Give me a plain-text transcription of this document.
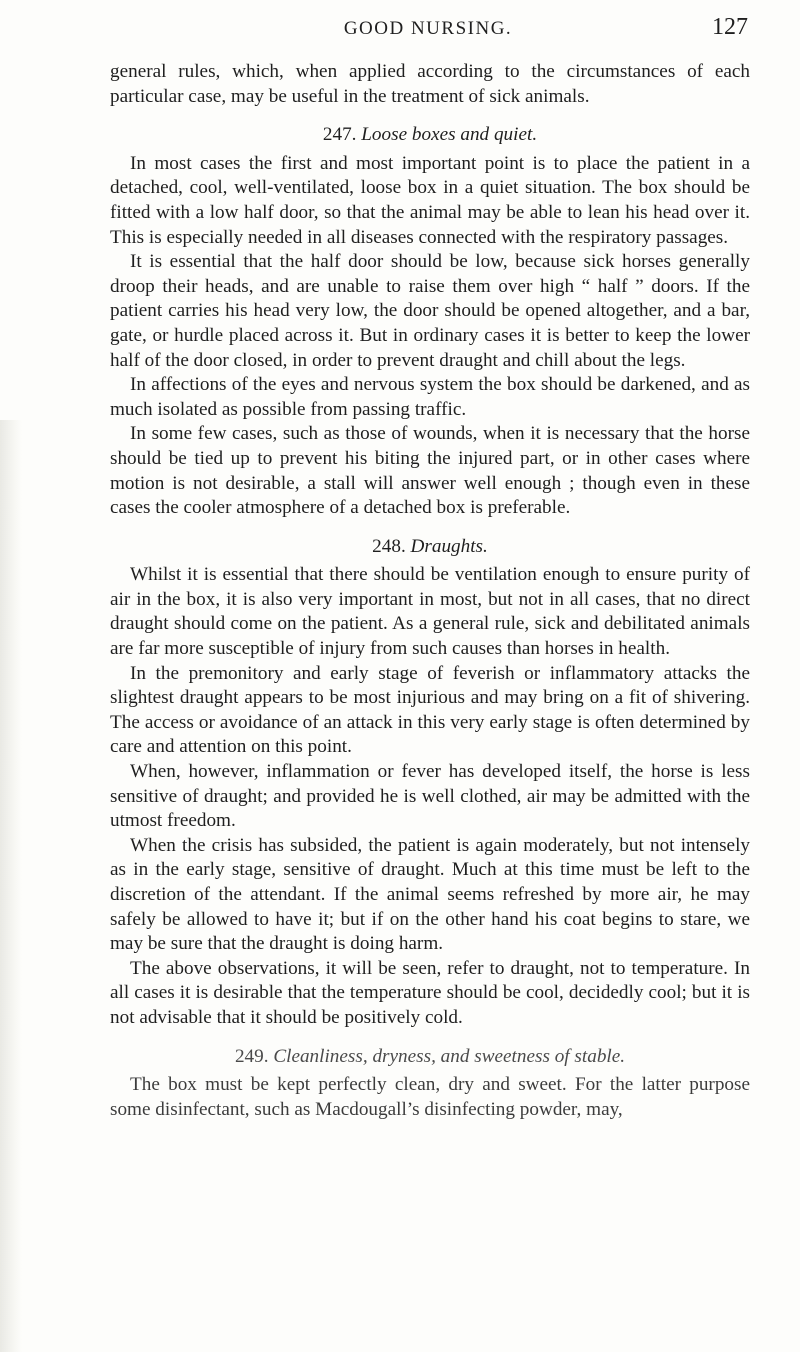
GOOD NURSING.	127

general rules, which, when applied according to the circumstances of each particular case, may be useful in the treatment of sick animals.

247. Loose boxes and quiet.

In most cases the first and most important point is to place the patient in a detached, cool, well-ventilated, loose box in a quiet situation. The box should be fitted with a low half door, so that the animal may be able to lean his head over it. This is especially needed in all diseases connected with the respiratory passages.

It is essential that the half door should be low, because sick horses generally droop their heads, and are unable to raise them over high “ half ” doors. If the patient carries his head very low, the door should be opened altogether, and a bar, gate, or hurdle placed across it. But in ordinary cases it is better to keep the lower half of the door closed, in order to prevent draught and chill about the legs.

In affections of the eyes and nervous system the box should be darkened, and as much isolated as possible from passing traffic.

In some few cases, such as those of wounds, when it is necessary that the horse should be tied up to prevent his biting the injured part, or in other cases where motion is not desirable, a stall will answer well enough ; though even in these cases the cooler atmosphere of a detached box is preferable.

248. Draughts.

Whilst it is essential that there should be ventilation enough to ensure purity of air in the box, it is also very important in most, but not in all cases, that no direct draught should come on the patient. As a general rule, sick and debilitated animals are far more susceptible of injury from such causes than horses in health.

In the premonitory and early stage of feverish or inflammatory attacks the slightest draught appears to be most injurious and may bring on a fit of shivering. The access or avoidance of an attack in this very early stage is often determined by care and attention on this point.

When, however, inflammation or fever has developed itself, the horse is less sensitive of draught; and provided he is well clothed, air may be admitted with the utmost freedom.

When the crisis has subsided, the patient is again moderately, but not intensely as in the early stage, sensitive of draught. Much at this time must be left to the discretion of the attendant. If the animal seems refreshed by more air, he may safely be allowed to have it; but if on the other hand his coat begins to stare, we may be sure that the draught is doing harm.

The above observations, it will be seen, refer to draught, not to temperature. In all cases it is desirable that the temperature should be cool, decidedly cool; but it is not advisable that it should be positively cold.

249. Cleanliness, dryness, and sweetness of stable.

The box must be kept perfectly clean, dry and sweet. For the latter purpose some disinfectant, such as Macdougall’s disinfecting powder, may,
